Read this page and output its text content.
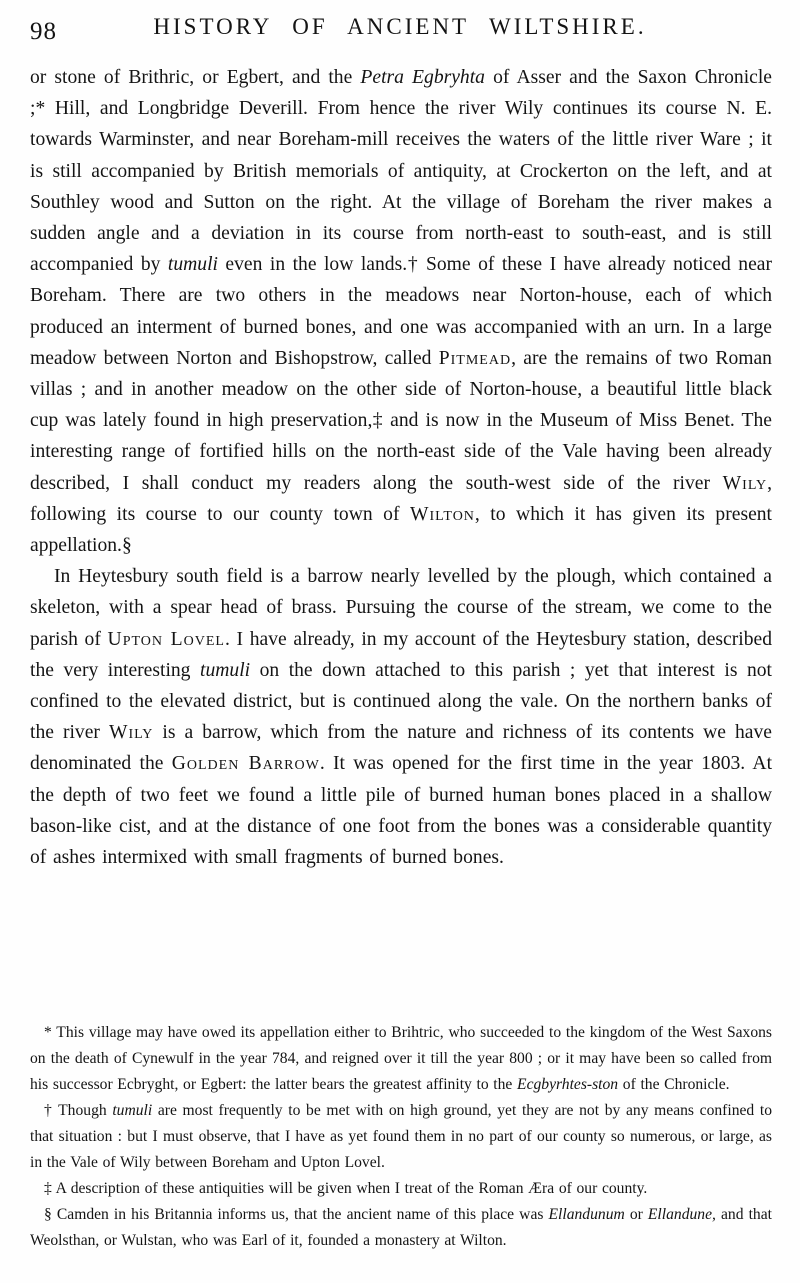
98	HISTORY OF ANCIENT WILTSHIRE.

or stone of Brithric, or Egbert, and the Petra Egbryhta of Asser and the Saxon Chronicle ;* Hill, and Longbridge Deverill. From hence the river Wily continues its course N. E. towards Warminster, and near Boreham-mill receives the waters of the little river Ware ; it is still accompanied by British memorials of antiquity, at Crockerton on the left, and at Southley wood and Sutton on the right. At the village of Boreham the river makes a sudden angle and a deviation in its course from north-east to south-east, and is still accompanied by tumuli even in the low lands.† Some of these I have already noticed near Boreham. There are two others in the meadows near Norton-house, each of which produced an interment of burned bones, and one was accompanied with an urn. In a large meadow between Norton and Bishopstrow, called Pitmead, are the remains of two Roman villas ; and in another meadow on the other side of Norton-house, a beautiful little black cup was lately found in high preservation,‡ and is now in the Museum of Miss Benet. The interesting range of fortified hills on the north-east side of the Vale having been already described, I shall conduct my readers along the south-west side of the river Wily, following its course to our county town of Wilton, to which it has given its present appellation.§

In Heytesbury south field is a barrow nearly levelled by the plough, which contained a skeleton, with a spear head of brass. Pursuing the course of the stream, we come to the parish of Upton Lovel. I have already, in my account of the Heytesbury station, described the very interesting tumuli on the down attached to this parish ; yet that interest is not confined to the elevated district, but is continued along the vale. On the northern banks of the river Wily is a barrow, which from the nature and richness of its contents we have denominated the Golden Barrow. It was opened for the first time in the year 1803. At the depth of two feet we found a little pile of burned human bones placed in a shallow bason-like cist, and at the distance of one foot from the bones was a considerable quantity of ashes intermixed with small fragments of burned bones.

* This village may have owed its appellation either to Brihtric, who succeeded to the kingdom of the West Saxons on the death of Cynewulf in the year 784, and reigned over it till the year 800 ; or it may have been so called from his successor Ecbryght, or Egbert: the latter bears the greatest affinity to the Ecgbyrhtes-ston of the Chronicle.

† Though tumuli are most frequently to be met with on high ground, yet they are not by any means confined to that situation : but I must observe, that I have as yet found them in no part of our county so numerous, or large, as in the Vale of Wily between Boreham and Upton Lovel.

‡ A description of these antiquities will be given when I treat of the Roman Æra of our county.

§ Camden in his Britannia informs us, that the ancient name of this place was Ellandunum or Ellandune, and that Weolsthan, or Wulstan, who was Earl of it, founded a monastery at Wilton.
